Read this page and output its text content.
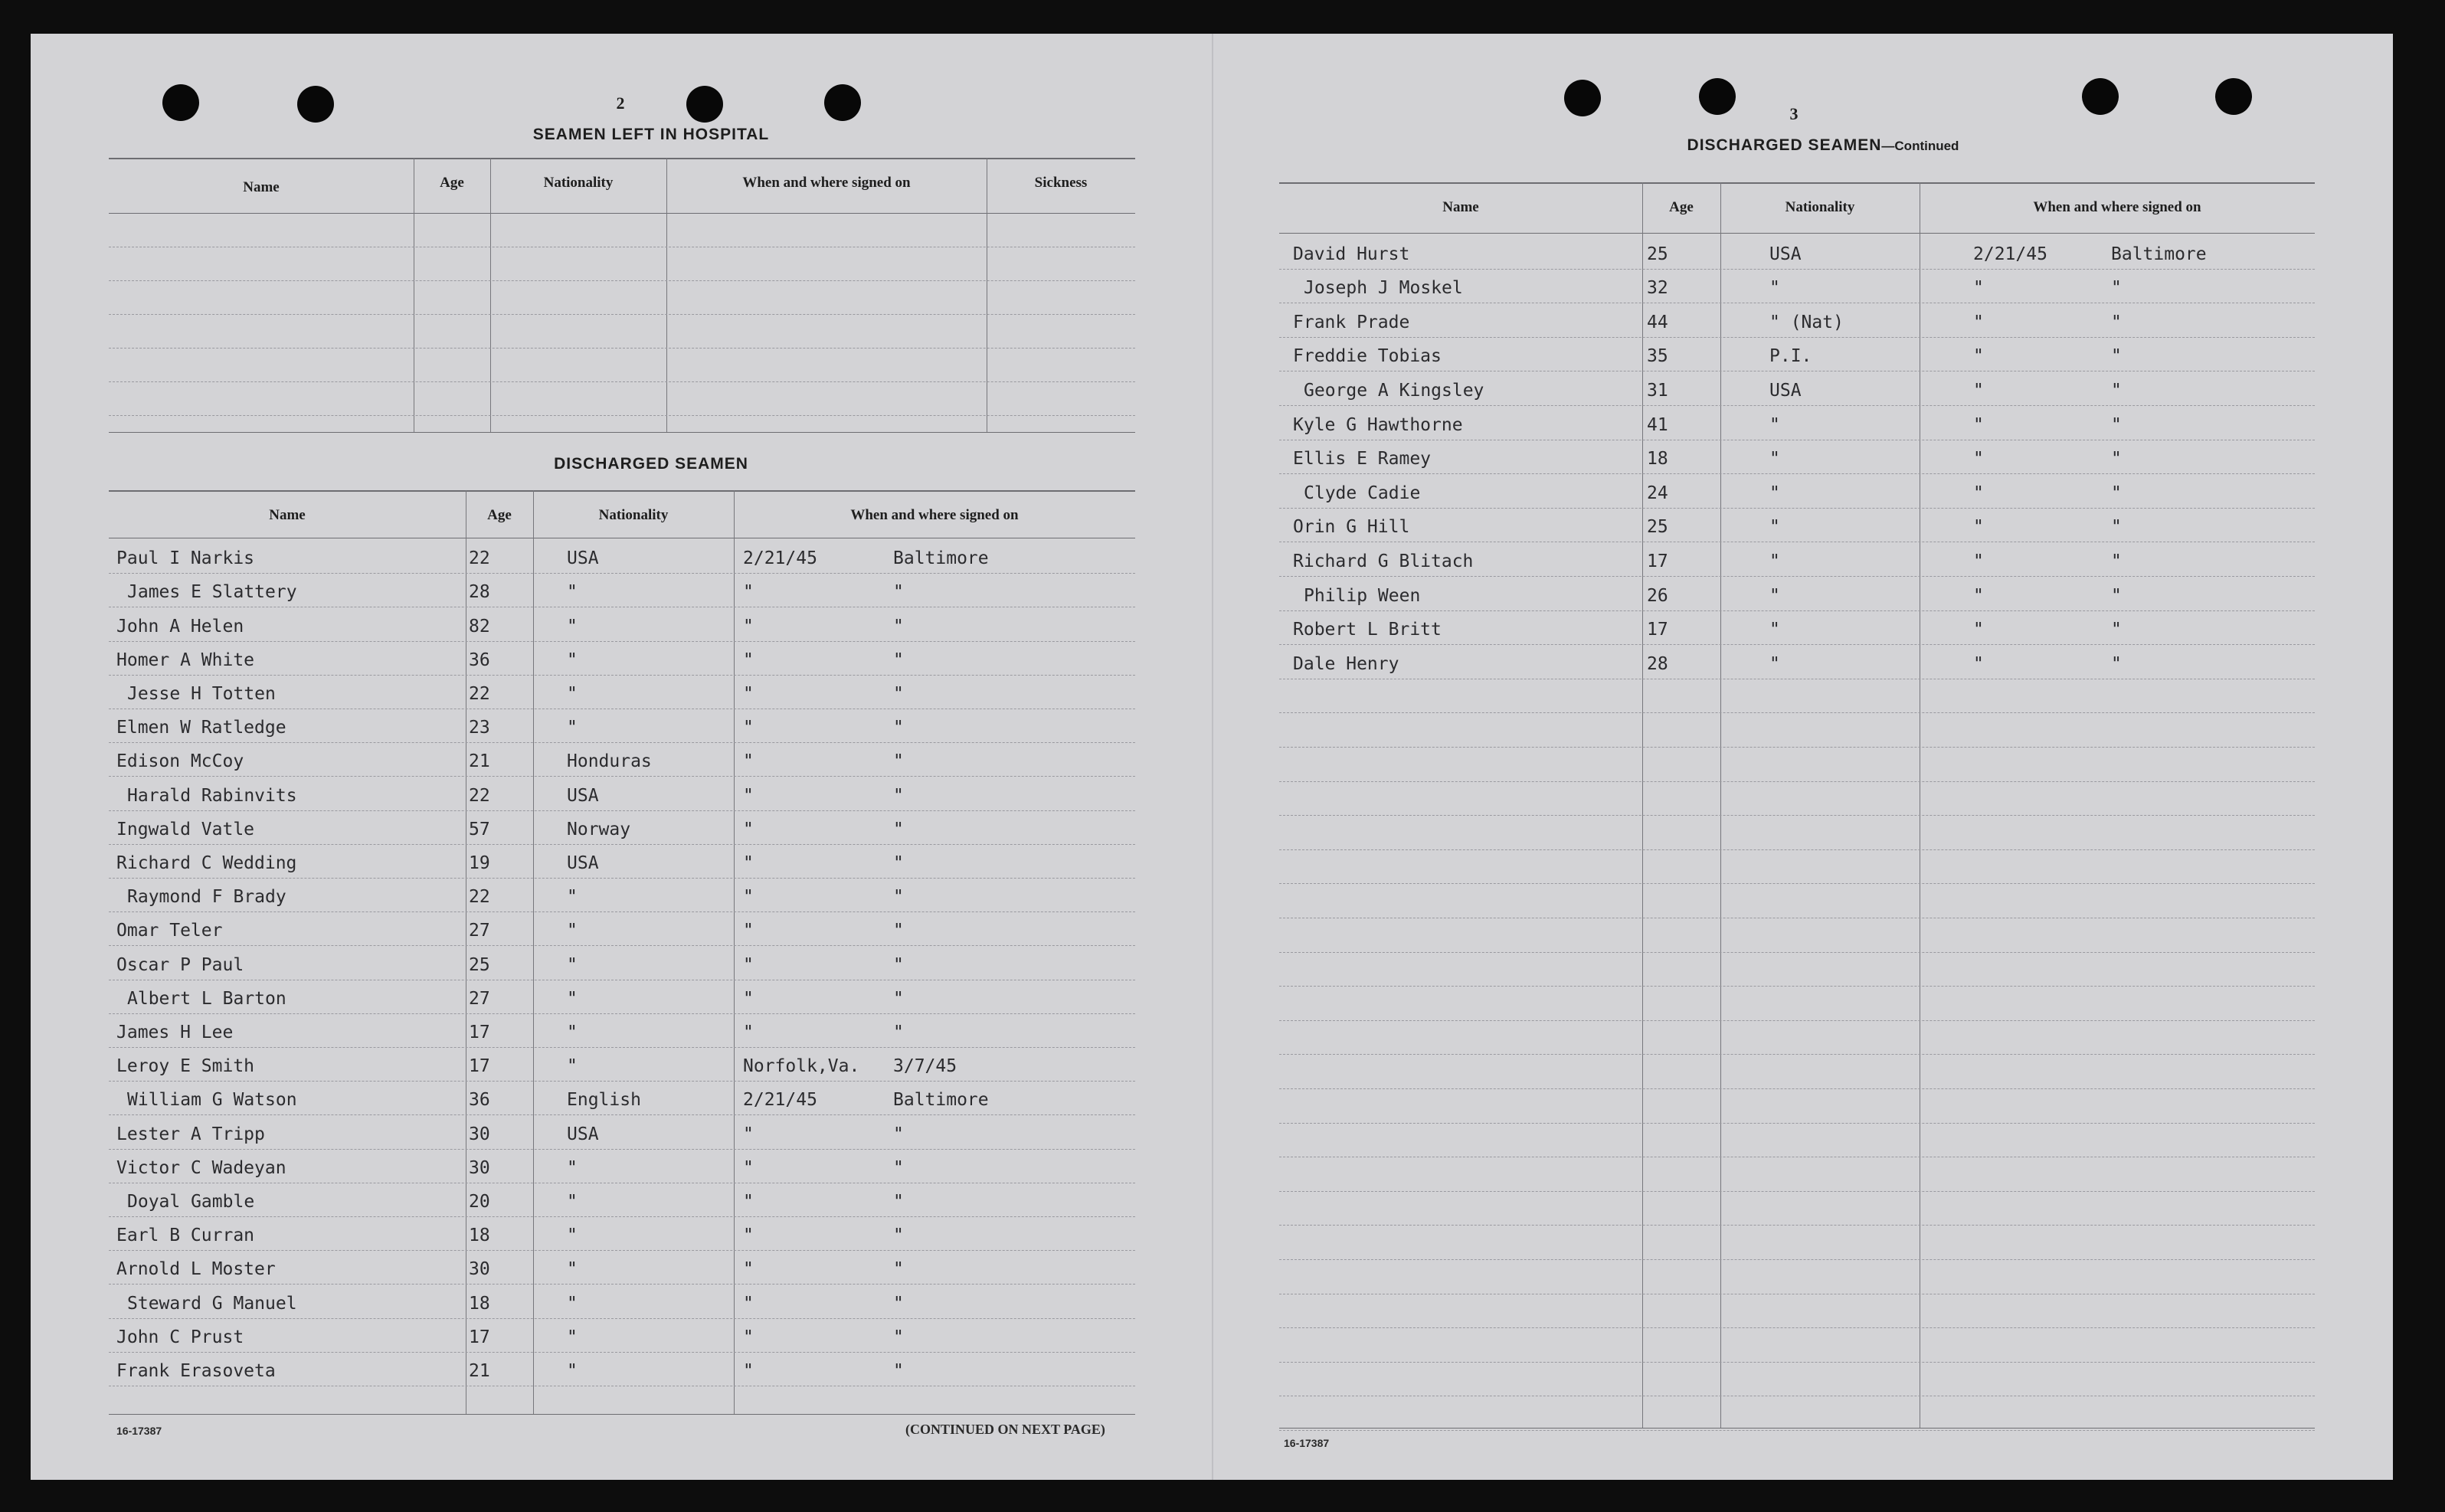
2
SEAMEN LEFT IN HOSPITAL
DISCHARGED SEAMEN
16-17387	(CONTINUED ON NEXT PAGE)
3
DISCHARGED SEAMEN—Continued
16-17387
Name	Age	Nationality	When and where signed on	Sickness
Name	Age	Nationality	When and where signed on
Paul I Narkis	22	USA	2/21/45	Baltimore
James E Slattery	28	"	"	"
John A Helen	82	"	"	"
Homer A White	36	"	"	"
Jesse H Totten	22	"	"	"
Elmen W Ratledge	23	"	"	"
Edison McCoy	21	Honduras	"	"
Harald Rabinvits	22	USA	"	"
Ingwald Vatle	57	Norway	"	"
Richard C Wedding	19	USA	"	"
Raymond F Brady	22	"	"	"
Omar Teler	27	"	"	"
Oscar P Paul	25	"	"	"
Albert L Barton	27	"	"	"
James H Lee	17	"	"	"
Leroy E Smith	17	"	Norfolk,Va. 3/7/45
William G Watson	36	English	2/21/45	Baltimore
Lester A Tripp	30	USA	"	"
Victor C Wadeyan	30	"	"	"
Doyal Gamble	20	"	"	"
Earl B Curran	18	"	"	"
Arnold L Moster	30	"	"	"
Steward G Manuel	18	"	"	"
John C Prust	17	"	"	"
Frank Erasoveta	21	"	"	"
Name	Age	Nationality	When and where signed on
David Hurst	25	USA	2/21/45	Baltimore
Joseph J Moskel	32	"	"	"
Frank Prade	44	" (Nat)	"	"
Freddie Tobias	35	P.I.	"	"
George A Kingsley	31	USA	"	"
Kyle G Hawthorne	41	"	"	"
Ellis E Ramey	18	"	"	"
Clyde Cadie	24	"	"	"
Orin G Hill	25	"	"	"
Richard G Blitach	17	"	"	"
Philip Ween	26	"	"	"
Robert L Britt	17	"	"	"
Dale Henry	28	"	"	"
